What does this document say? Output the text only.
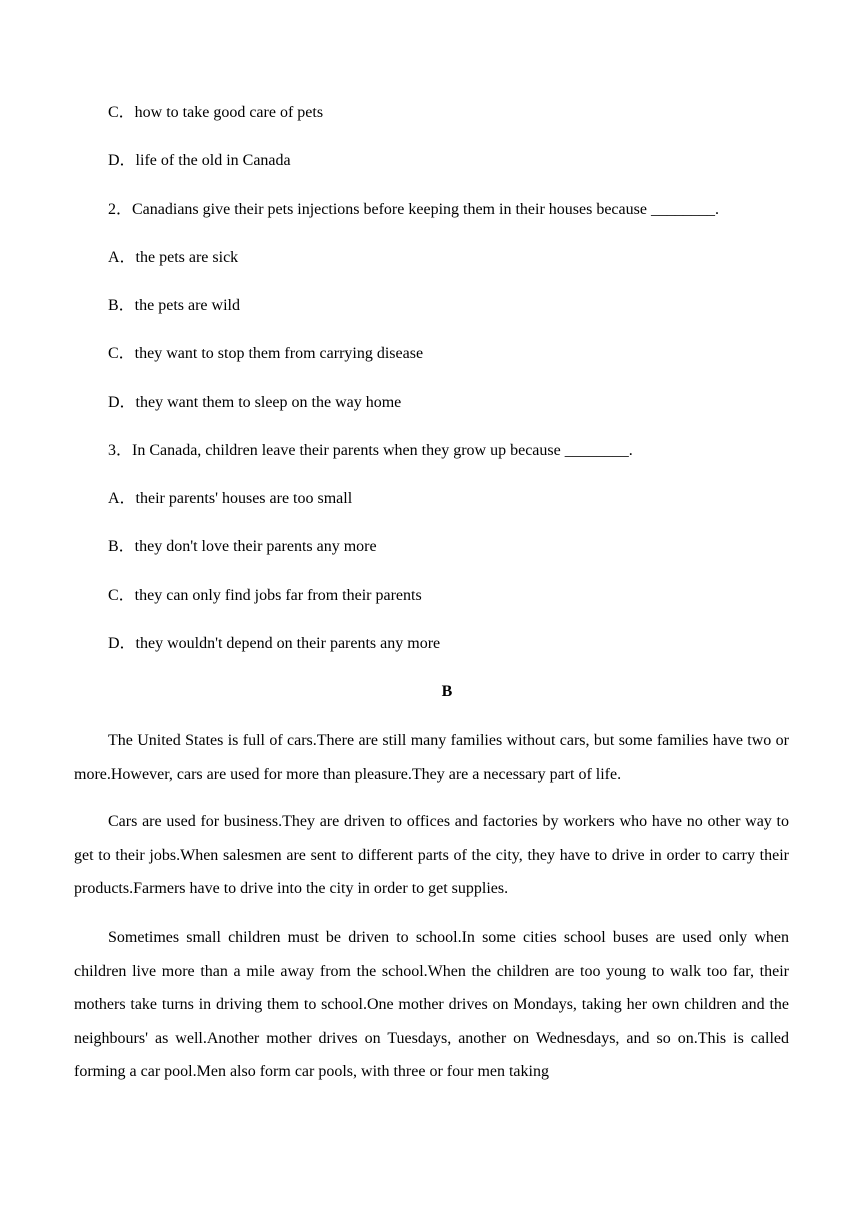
C．how to take good care of pets
D．life of the old in Canada
2．Canadians give their pets injections before keeping them in their houses because ________.
A．the pets are sick
B．the pets are wild
C．they want to stop them from carrying disease
D．they want them to sleep on the way home
3．In Canada, children leave their parents when they grow up because ________.
A．their parents' houses are too small
B．they don't love their parents any more
C．they can only find jobs far from their parents
D．they wouldn't depend on their parents any more
B

The United States is full of cars.There are still many families without cars, but some families have two or more.However, cars are used for more than pleasure.They are a necessary part of life.

Cars are used for business.They are driven to offices and factories by workers who have no other way to get to their jobs.When salesmen are sent to different parts of the city, they have to drive in order to carry their products.Farmers have to drive into the city in order to get supplies.

Sometimes small children must be driven to school.In some cities school buses are used only when children live more than a mile away from the school.When the children are too young to walk too far, their mothers take turns in driving them to school.One mother drives on Mondays, taking her own children and the neighbours' as well.Another mother drives on Tuesdays, another on Wednesdays, and so on.This is called forming a car pool.Men also form car pools, with three or four men taking
